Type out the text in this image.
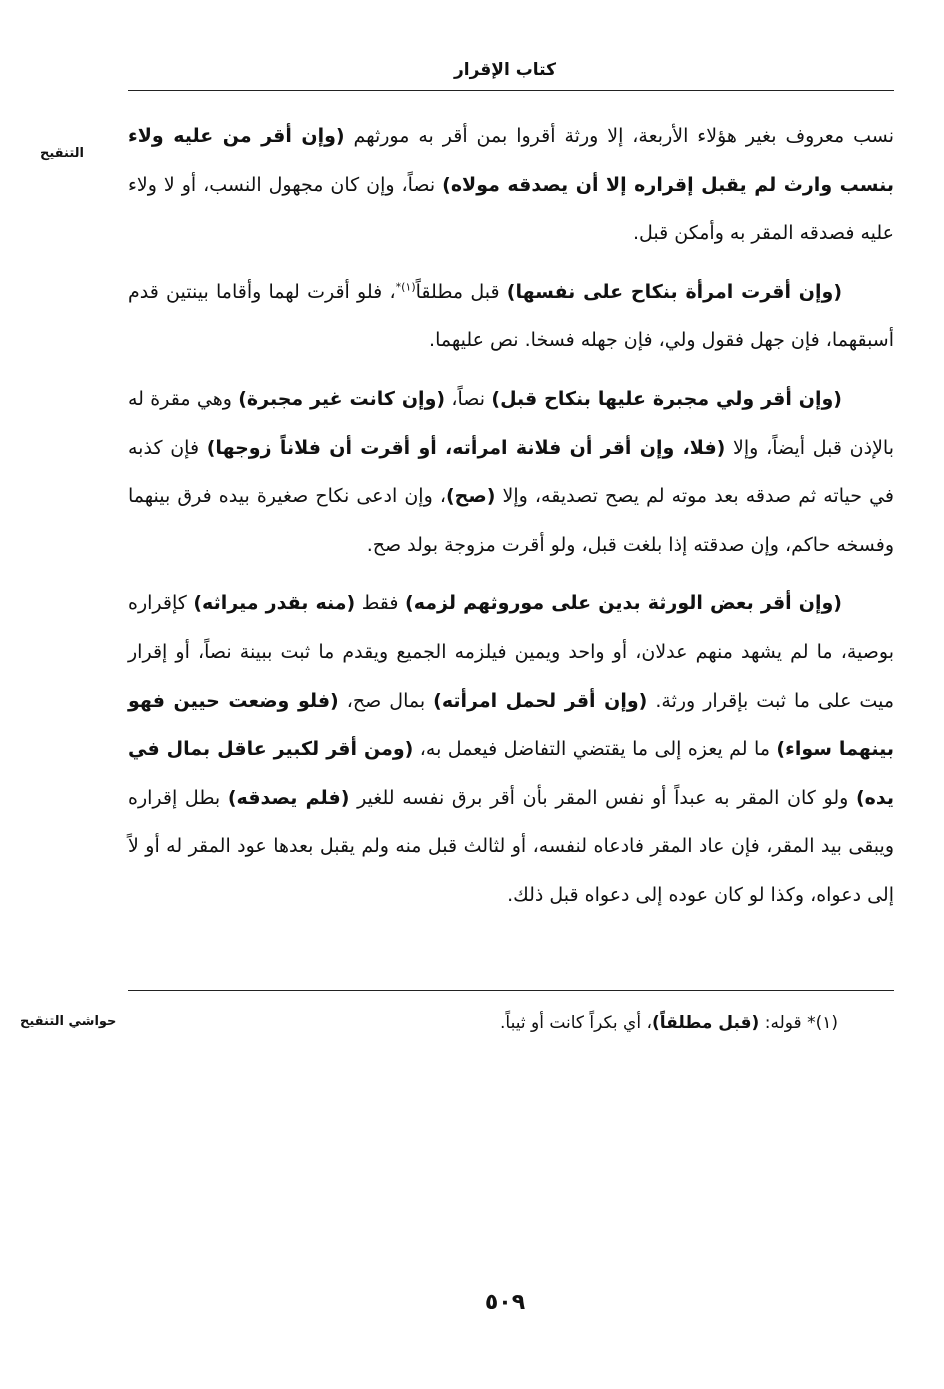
كتاب الإقرار
التنقيح

نسب معروف بغير هؤلاء الأربعة، إلا ورثة أقروا بمن أقر به مورثهم (وإن أقر من عليه ولاء بنسب وارث لم يقبل إقراره إلا أن يصدقه مولاه) نصاً، وإن كان مجهول النسب، أو لا ولاء عليه فصدقه المقر به وأمكن قبل.

(وإن أقرت امرأة بنكاح على نفسها) قبل مطلقاً$^{(١)*}$، فلو أقرت لهما وأقاما بينتين قدم أسبقهما، فإن جهل فقول ولي، فإن جهله فسخا. نص عليهما.

(وإن أقر ولي مجبرة عليها بنكاح قبل) نصاً، (وإن كانت غير مجبرة) وهي مقرة له بالإذن قبل أيضاً، وإلا (فلا، وإن أقر أن فلانة امرأته، أو أقرت أن فلاناً زوجها) فإن كذبه في حياته ثم صدقه بعد موته لم يصح تصديقه، وإلا (صح)، وإن ادعى نكاح صغيرة بيده فرق بينهما وفسخه حاكم، وإن صدقته إذا بلغت قبل، ولو أقرت مزوجة بولد صح.

(وإن أقر بعض الورثة بدين على موروثهم لزمه) فقط (منه بقدر ميراثه) كإقراره بوصية، ما لم يشهد منهم عدلان، أو واحد ويمين فيلزمه الجميع ويقدم ما ثبت ببينة نصاً، أو إقرار ميت على ما ثبت بإقرار ورثة. (وإن أقر لحمل امرأته) بمال صح، (فلو وضعت حيين فهو بينهما سواء) ما لم يعزه إلى ما يقتضي التفاضل فيعمل به، (ومن أقر لكبير عاقل بمال في يده) ولو كان المقر به عبداً أو نفس المقر بأن أقر برق نفسه للغير (فلم يصدقه) بطل إقراره ويبقى بيد المقر، فإن عاد المقر فادعاه لنفسه، أو لثالث قبل منه ولم يقبل بعدها عود المقر له أو لاً إلى دعواه، وكذا لو كان عوده إلى دعواه قبل ذلك.

حواشي التنقيح	(١)* قوله: (قبل مطلقاً)، أي بكراً كانت أو ثيباً.
٥٠٩
